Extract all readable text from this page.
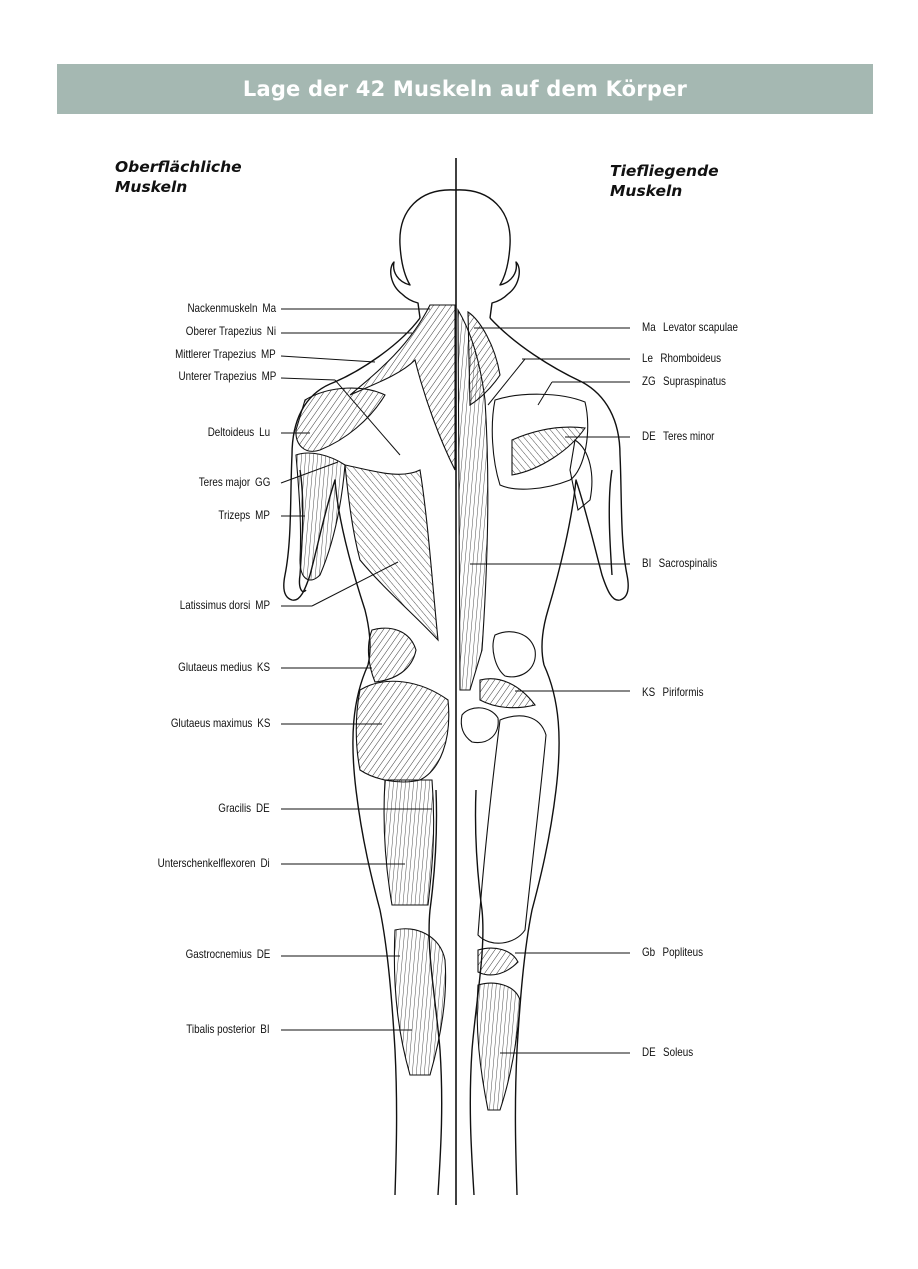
Lage der 42 Muskeln auf dem Körper
Oberflächliche
Muskeln
Tiefliegende
Muskeln
Nackenmuskeln Ma
Oberer Trapezius Ni
Mittlerer Trapezius MP
Unterer Trapezius MP
Deltoideus Lu
Teres major GG
Trizeps MP
Latissimus dorsi MP
Glutaeus medius KS
Glutaeus maximus KS
Gracilis DE
Unterschenkelflexoren Di
Gastrocnemius DE
Tibalis posterior BI
Ma Levator scapulae
Le Rhomboideus
ZG Supraspinatus
DE Teres minor
BI Sacrospinalis
KS Piriformis
Gb Popliteus
DE Soleus
